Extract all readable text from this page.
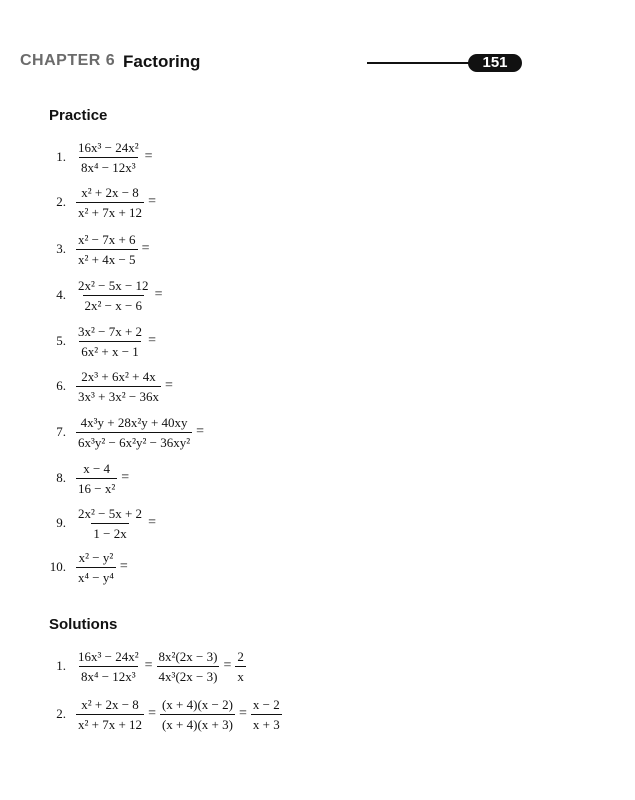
CHAPTER 6 Factoring	151
Practice
1. $\frac{\text{16x³ − 24x²}}{\text{8x⁴ − 12x³}}$ =
2. $\frac{\text{x² + 2x − 8}}{\text{x² + 7x + 12}}$ =
3. $\frac{\text{x² − 7x + 6}}{\text{x² + 4x − 5}}$ =
4. $\frac{\text{2x² − 5x − 12}}{\text{2x² − x − 6}}$ =
5. $\frac{\text{3x² − 7x + 2}}{\text{6x² + x − 1}}$ =
6. $\frac{\text{2x³ + 6x² + 4x}}{\text{3x³ + 3x² − 36x}}$ =
7. $\frac{\text{4x³y + 28x²y + 40xy}}{\text{6x³y² − 6x²y² − 36xy²}}$ =
8. $\frac{x - 4}{\text{16 − x²}}$ =
9. $\frac{\text{2x² − 5x + 2}}{1 - 2x}$ =
10. $\frac{\text{x² − y²}}{\text{x⁴ − y⁴}}$ =
Solutions
1. $\frac{\text{16x³ − 24x²}}{\text{8x⁴ − 12x³}} = \frac{\text{8x²(2x − 3)}}{\text{4x³(2x − 3)}} = \frac{2}{x}$
2. $\frac{\text{x² + 2x − 8}}{\text{x² + 7x + 12}} = \frac{(x + 4)(x - 2)}{(x + 4)(x + 3)} = \frac{x - 2}{x + 3}$
